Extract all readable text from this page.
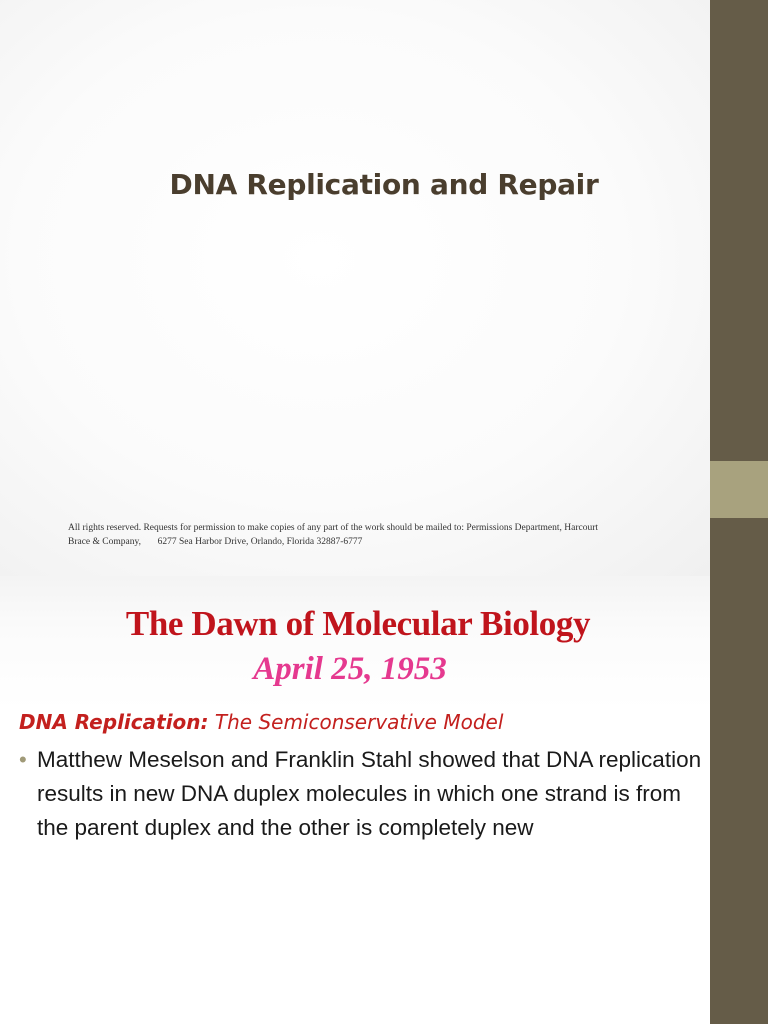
DNA Replication and Repair
All rights reserved. Requests for permission to make copies of any part of the work should be mailed to: Permissions Department, Harcourt
Brace & Company,       6277 Sea Harbor Drive, Orlando, Florida 32887-6777
The Dawn of Molecular Biology
April 25, 1953
DNA Replication: The Semiconservative Model
• Matthew Meselson and Franklin Stahl showed that DNA replication results in new DNA duplex molecules in which one strand is from the parent duplex and the other is completely new
